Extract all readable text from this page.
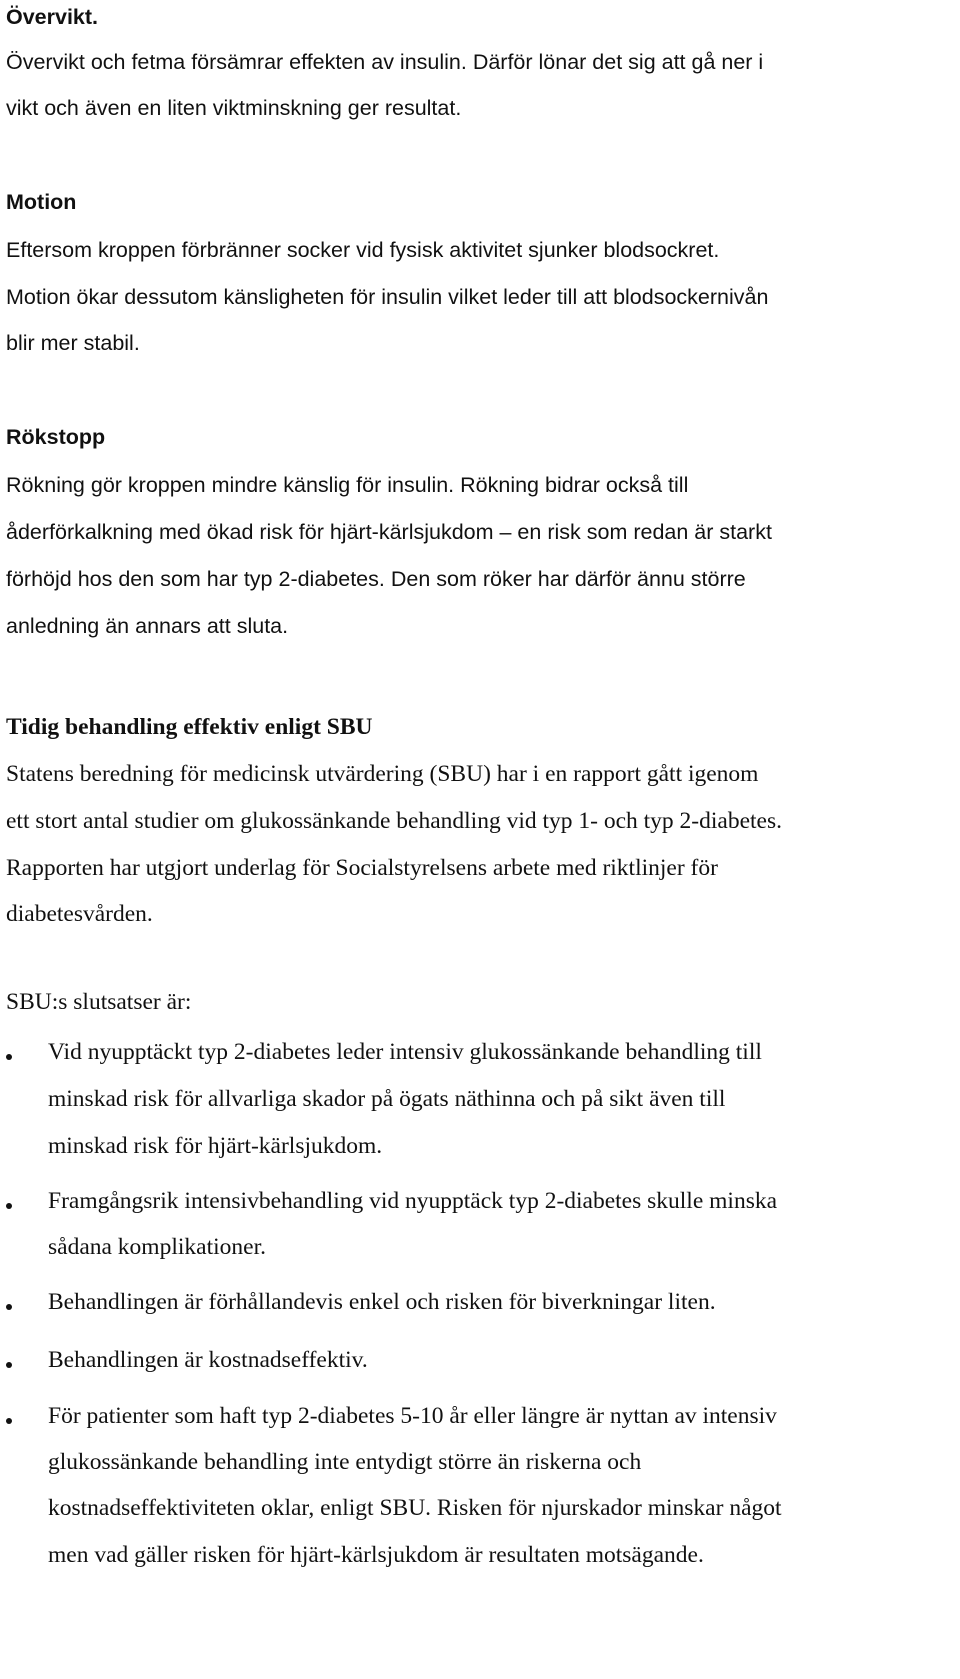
Övervikt.
Övervikt och fetma försämrar effekten av insulin. Därför lönar det sig att gå ner i
vikt och även en liten viktminskning ger resultat.
Motion
Eftersom kroppen förbränner socker vid fysisk aktivitet sjunker blodsockret.
Motion ökar dessutom känsligheten för insulin vilket leder till att blodsockernivån
blir mer stabil.
Rökstopp
Rökning gör kroppen mindre känslig för insulin. Rökning bidrar också till
åderförkalkning med ökad risk för hjärt-kärlsjukdom – en risk som redan är starkt
förhöjd hos den som har typ 2-diabetes. Den som röker har därför ännu större
anledning än annars att sluta.
Tidig behandling effektiv enligt SBU
Statens beredning för medicinsk utvärdering (SBU) har i en rapport gått igenom
ett stort antal studier om glukossänkande behandling vid typ 1- och typ 2-diabetes.
Rapporten har utgjort underlag för Socialstyrelsens arbete med riktlinjer för
diabetesvården.
SBU:s slutsatser är:
Vid nyupptäckt typ 2-diabetes leder intensiv glukossänkande behandling till
minskad risk för allvarliga skador på ögats näthinna och på sikt även till
minskad risk för hjärt-kärlsjukdom.
Framgångsrik intensivbehandling vid nyupptäck typ 2-diabetes skulle minska
sådana komplikationer.
Behandlingen är förhållandevis enkel och risken för biverkningar liten.
Behandlingen är kostnadseffektiv.
För patienter som haft typ 2-diabetes 5-10 år eller längre är nyttan av intensiv
glukossänkande behandling inte entydigt större än riskerna och
kostnadseffektiviteten oklar, enligt SBU. Risken för njurskador minskar något
men vad gäller risken för hjärt-kärlsjukdom är resultaten motsägande.
